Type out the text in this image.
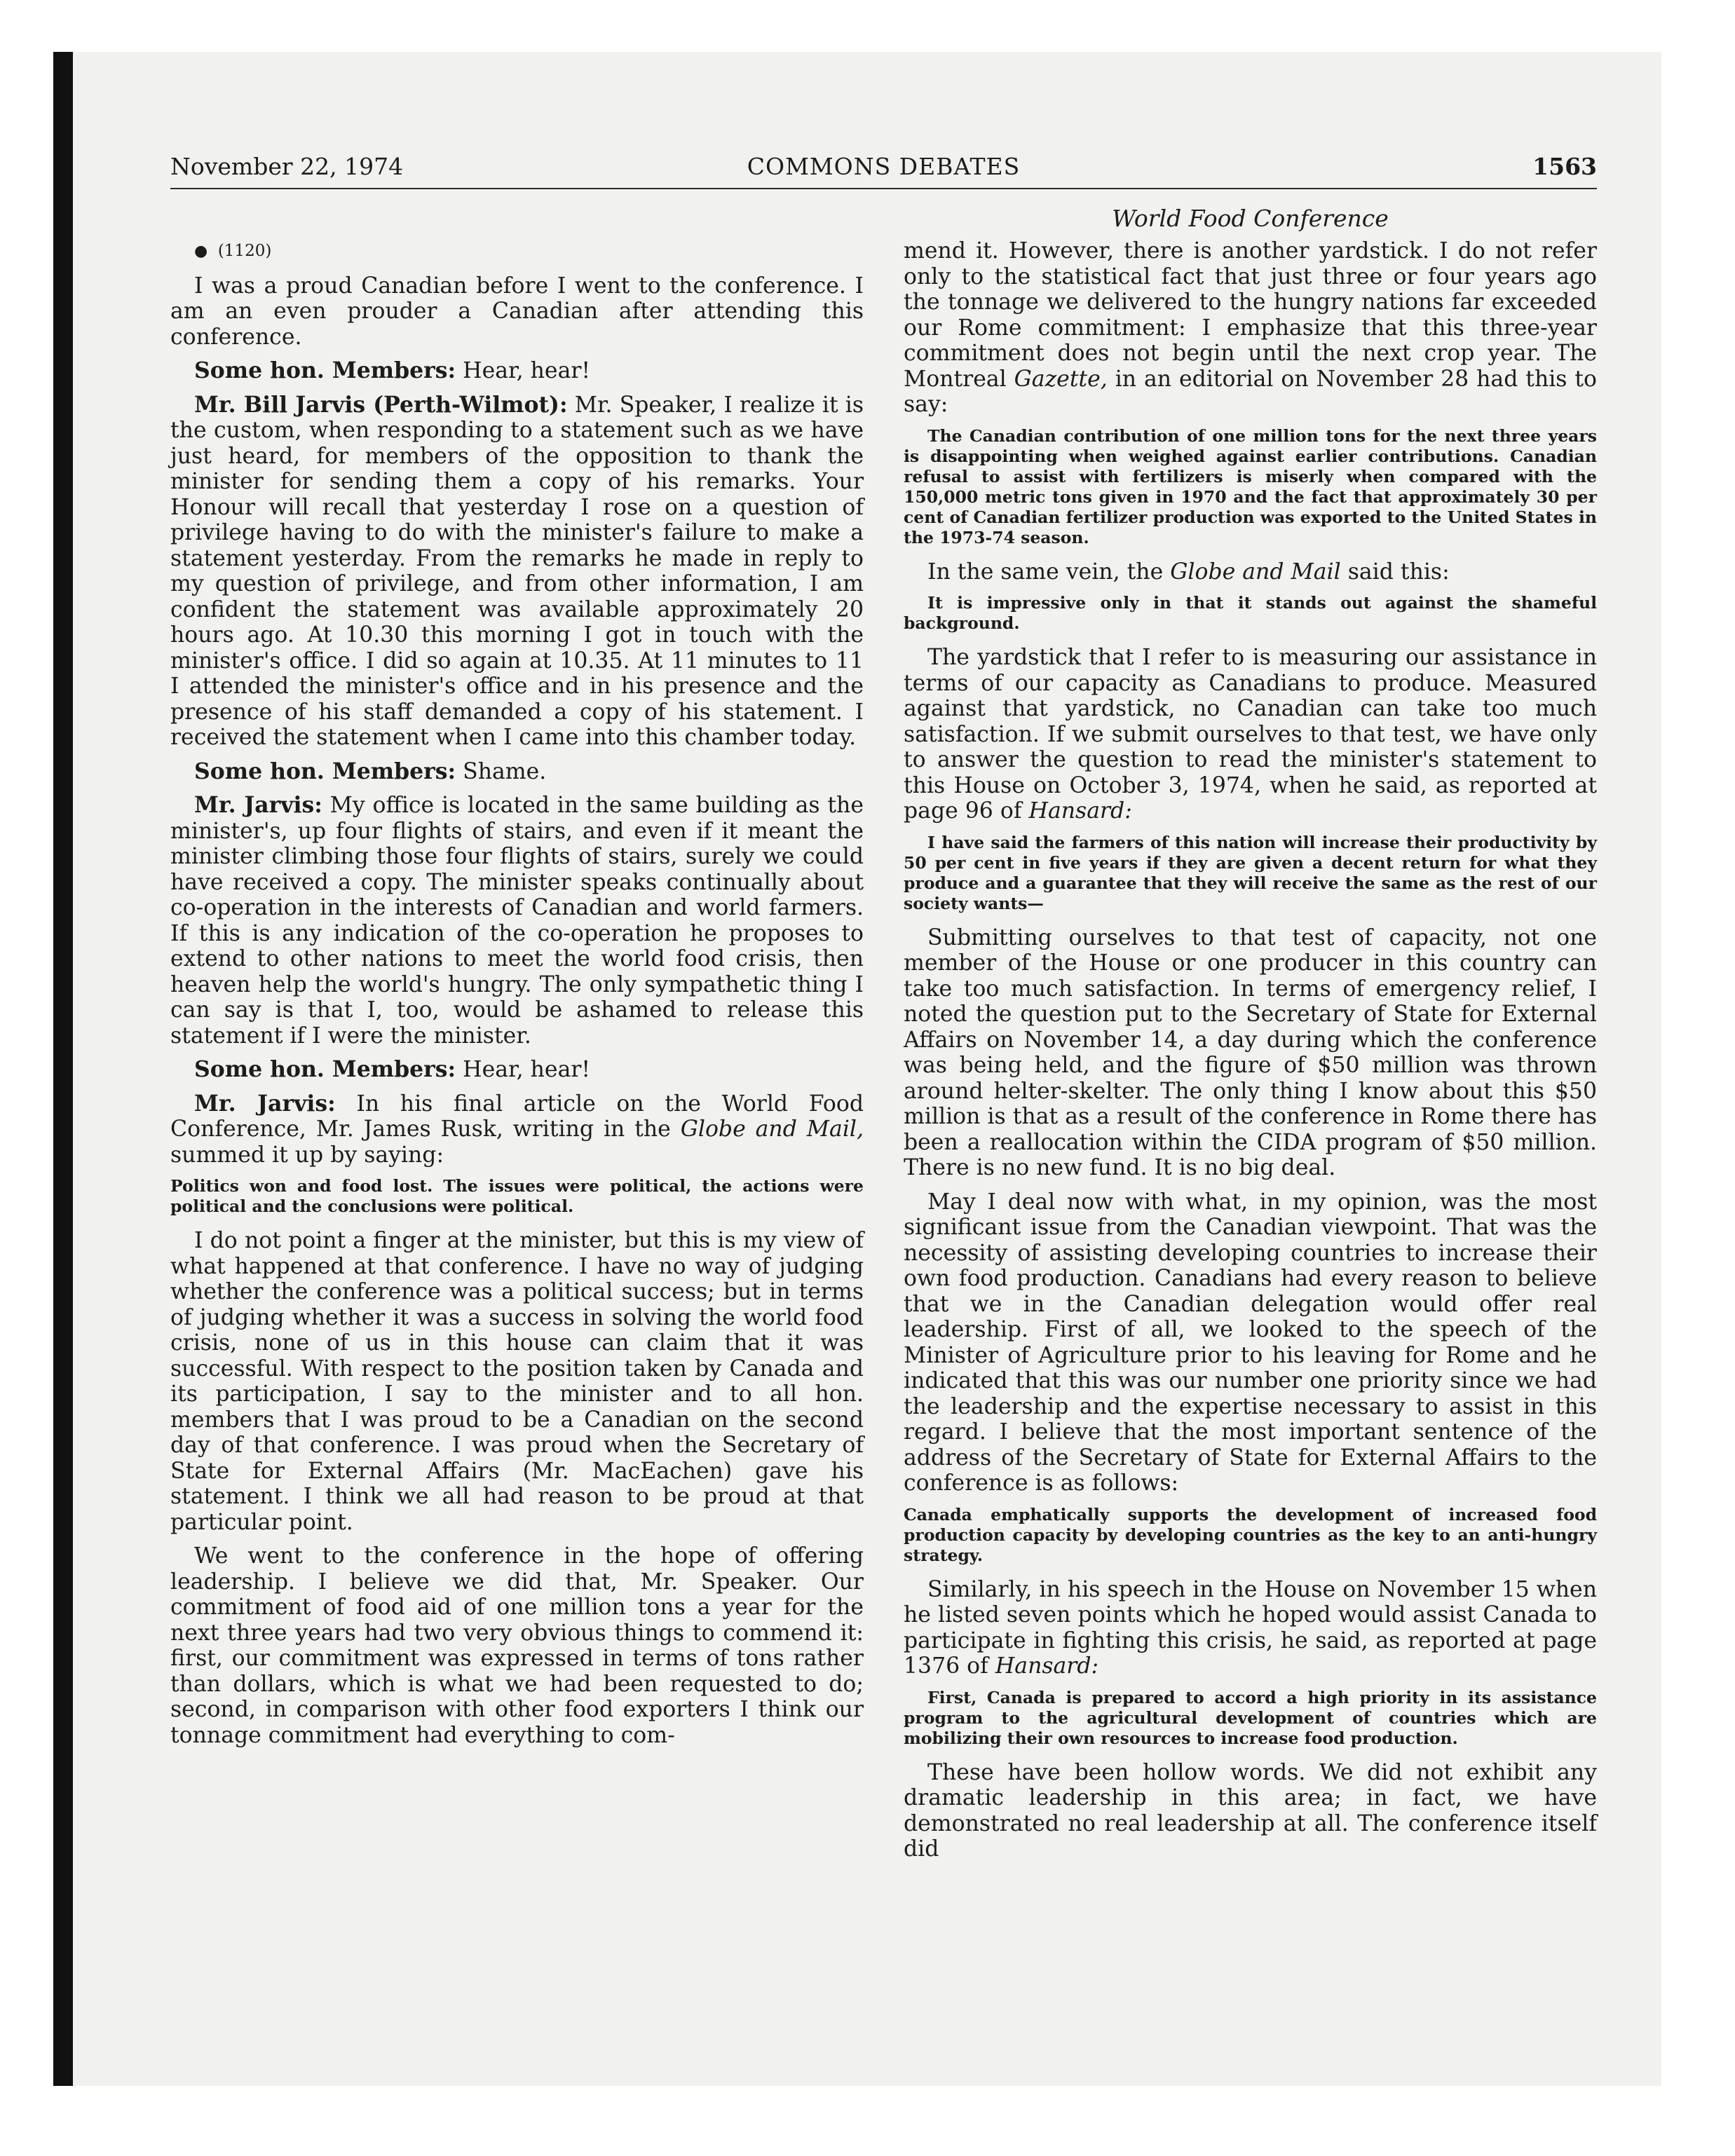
November 22, 1974	COMMONS DEBATES	1563
World Food Conference

● (1120)

I was a proud Canadian before I went to the conference. I am an even prouder a Canadian after attending this conference.

Some hon. Members: Hear, hear!

Mr. Bill Jarvis (Perth-Wilmot): Mr. Speaker, I realize it is the custom, when responding to a statement such as we have just heard, for members of the opposition to thank the minister for sending them a copy of his remarks. Your Honour will recall that yesterday I rose on a question of privilege having to do with the minister's failure to make a statement yesterday. From the remarks he made in reply to my question of privilege, and from other information, I am confident the statement was available approximately 20 hours ago. At 10.30 this morning I got in touch with the minister's office. I did so again at 10.35. At 11 minutes to 11 I attended the minister's office and in his presence and the presence of his staff demanded a copy of his statement. I received the statement when I came into this chamber today.

Some hon. Members: Shame.

Mr. Jarvis: My office is located in the same building as the minister's, up four flights of stairs, and even if it meant the minister climbing those four flights of stairs, surely we could have received a copy. The minister speaks continually about co-operation in the interests of Canadian and world farmers. If this is any indication of the co-operation he proposes to extend to other nations to meet the world food crisis, then heaven help the world's hungry. The only sympathetic thing I can say is that I, too, would be ashamed to release this statement if I were the minister.

Some hon. Members: Hear, hear!

Mr. Jarvis: In his final article on the World Food Conference, Mr. James Rusk, writing in the Globe and Mail, summed it up by saying:

Politics won and food lost. The issues were political, the actions were political and the conclusions were political.

I do not point a finger at the minister, but this is my view of what happened at that conference. I have no way of judging whether the conference was a political success; but in terms of judging whether it was a success in solving the world food crisis, none of us in this house can claim that it was successful. With respect to the position taken by Canada and its participation, I say to the minister and to all hon. members that I was proud to be a Canadian on the second day of that conference. I was proud when the Secretary of State for External Affairs (Mr. MacEachen) gave his statement. I think we all had reason to be proud at that particular point.

We went to the conference in the hope of offering leadership. I believe we did that, Mr. Speaker. Our commitment of food aid of one million tons a year for the next three years had two very obvious things to commend it: first, our commitment was expressed in terms of tons rather than dollars, which is what we had been requested to do; second, in comparison with other food exporters I think our tonnage commitment had everything to com-

mend it. However, there is another yardstick. I do not refer only to the statistical fact that just three or four years ago the tonnage we delivered to the hungry nations far exceeded our Rome commitment: I emphasize that this three-year commitment does not begin until the next crop year. The Montreal Gazette, in an editorial on November 28 had this to say:

The Canadian contribution of one million tons for the next three years is disappointing when weighed against earlier contributions. Canadian refusal to assist with fertilizers is miserly when compared with the 150,000 metric tons given in 1970 and the fact that approximately 30 per cent of Canadian fertilizer production was exported to the United States in the 1973-74 season.

In the same vein, the Globe and Mail said this:

It is impressive only in that it stands out against the shameful background.

The yardstick that I refer to is measuring our assistance in terms of our capacity as Canadians to produce. Measured against that yardstick, no Canadian can take too much satisfaction. If we submit ourselves to that test, we have only to answer the question to read the minister's statement to this House on October 3, 1974, when he said, as reported at page 96 of Hansard:

I have said the farmers of this nation will increase their productivity by 50 per cent in five years if they are given a decent return for what they produce and a guarantee that they will receive the same as the rest of our society wants—

Submitting ourselves to that test of capacity, not one member of the House or one producer in this country can take too much satisfaction. In terms of emergency relief, I noted the question put to the Secretary of State for External Affairs on November 14, a day during which the conference was being held, and the figure of $50 million was thrown around helter-skelter. The only thing I know about this $50 million is that as a result of the conference in Rome there has been a reallocation within the CIDA program of $50 million. There is no new fund. It is no big deal.

May I deal now with what, in my opinion, was the most significant issue from the Canadian viewpoint. That was the necessity of assisting developing countries to increase their own food production. Canadians had every reason to believe that we in the Canadian delegation would offer real leadership. First of all, we looked to the speech of the Minister of Agriculture prior to his leaving for Rome and he indicated that this was our number one priority since we had the leadership and the expertise necessary to assist in this regard. I believe that the most important sentence of the address of the Secretary of State for External Affairs to the conference is as follows:

Canada emphatically supports the development of increased food production capacity by developing countries as the key to an anti-hungry strategy.

Similarly, in his speech in the House on November 15 when he listed seven points which he hoped would assist Canada to participate in fighting this crisis, he said, as reported at page 1376 of Hansard:

First, Canada is prepared to accord a high priority in its assistance program to the agricultural development of countries which are mobilizing their own resources to increase food production.

These have been hollow words. We did not exhibit any dramatic leadership in this area; in fact, we have demonstrated no real leadership at all. The conference itself did
